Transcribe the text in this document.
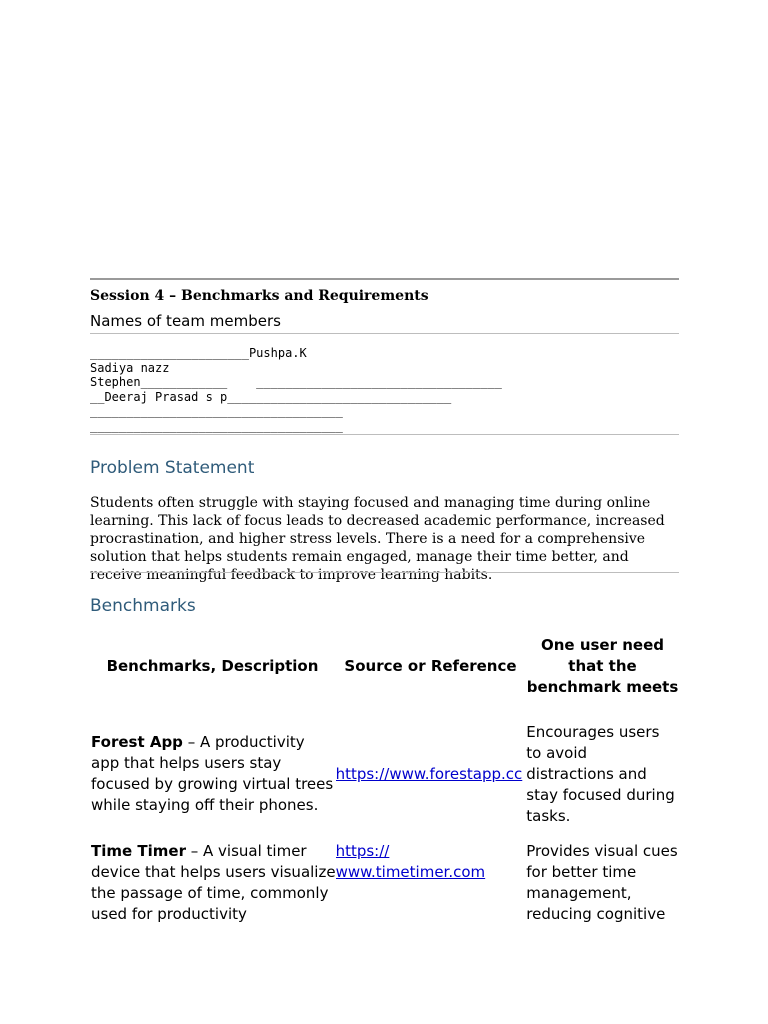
Session 4 – Benchmarks and Requirements
Names of team members
______________________Pushpa.K
Sadiya nazz
Stephen____________    __________________________________
__Deeraj Prasad s p_______________________________
___________________________________
___________________________________
Problem Statement
Students often struggle with staying focused and managing time during online learning. This lack of focus leads to decreased academic performance, increased procrastination, and higher stress levels. There is a need for a comprehensive solution that helps students remain engaged, manage their time better, and receive meaningful feedback to improve learning habits.
Benchmarks
Benchmarks, Description	Source or Reference
One user need that the benchmark meets
Forest App – A productivity app that helps users stay focused by growing virtual trees while staying off their phones.
https://www.forestapp.cc
Encourages users to avoid distractions and stay focused during tasks.
Time Timer – A visual timer device that helps users visualize the passage of time, commonly used for productivity
https:// www.timetimer.com
Provides visual cues for better time management, reducing cognitive
